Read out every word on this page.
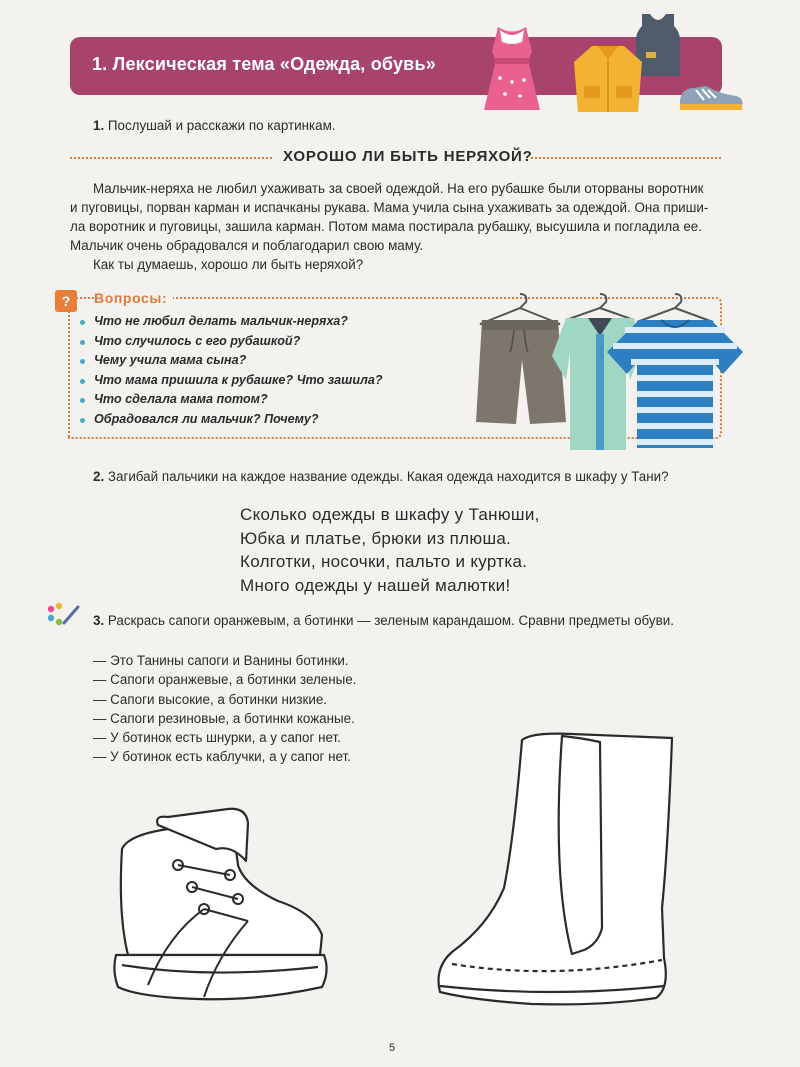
1. Лексическая тема «Одежда, обувь»
1. Послушай и расскажи по картинкам.
ХОРОШО ЛИ БЫТЬ НЕРЯХОЙ?
Мальчик-неряха не любил ухаживать за своей одеждой. На его рубашке были оторваны воротник
и пуговицы, порван карман и испачканы рукава. Мама учила сына ухаживать за одеждой. Она приши-
ла воротник и пуговицы, зашила карман. Потом мама постирала рубашку, высушила и погладила ее.
Мальчик очень обрадовался и поблагодарил свою маму.
Как ты думаешь, хорошо ли быть неряхой?
?	Вопросы:
Что не любил делать мальчик-неряха?
Что случилось с его рубашкой?
Чему учила мама сына?
Что мама пришила к рубашке? Что зашила?
Что сделала мама потом?
Обрадовался ли мальчик? Почему?
2. Загибай пальчики на каждое название одежды. Какая одежда находится в шкафу у Тани?
Сколько одежды в шкафу у Танюши,
Юбка и платье, брюки из плюша.
Колготки, носочки, пальто и куртка.
Много одежды у нашей малютки!
3. Раскрась сапоги оранжевым, а ботинки — зеленым карандашом. Сравни предметы обуви.
— Это Танины сапоги и Ванины ботинки.
— Сапоги оранжевые, а ботинки зеленые.
— Сапоги высокие, а ботинки низкие.
— Сапоги резиновые, а ботинки кожаные.
— У ботинок есть шнурки, а у сапог нет.
— У ботинок есть каблучки, а у сапог нет.
5
